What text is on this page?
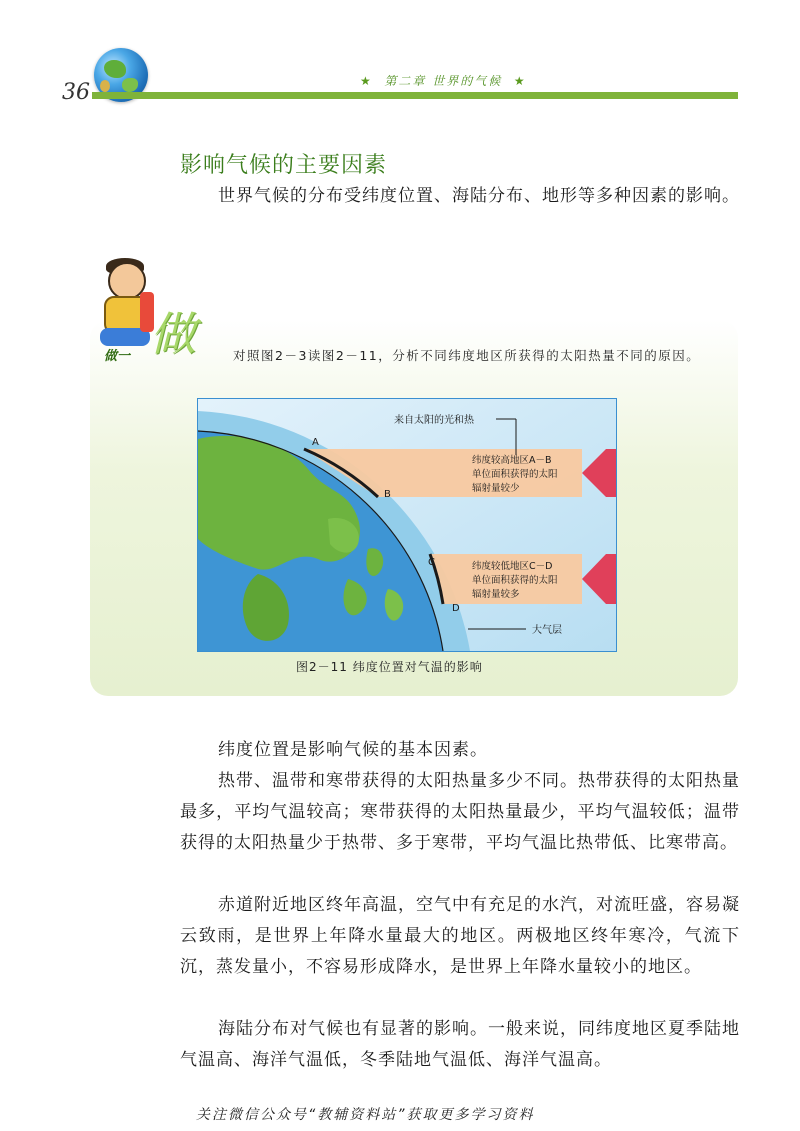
36	★ 第二章 世界的气候 ★
影响气候的主要因素
世界气候的分布受纬度位置、海陆分布、地形等多种因素的影响。
做
做一	对照图2－3读图2－11，分析不同纬度地区所获得的太阳热量不同的原因。
A
B
C
D
来自太阳的光和热
纬度较高地区A－B
单位面积获得的太阳
辐射量较少
纬度较低地区C－D
单位面积获得的太阳
辐射量较多
大气层
图2－11 纬度位置对气温的影响
纬度位置是影响气候的基本因素。
热带、温带和寒带获得的太阳热量多少不同。热带获得的太阳热量最多，平均气温较高；寒带获得的太阳热量最少，平均气温较低；温带获得的太阳热量少于热带、多于寒带，平均气温比热带低、比寒带高。
赤道附近地区终年高温，空气中有充足的水汽，对流旺盛，容易凝云致雨，是世界上年降水量最大的地区。两极地区终年寒冷，气流下沉，蒸发量小，不容易形成降水，是世界上年降水量较小的地区。
海陆分布对气候也有显著的影响。一般来说，同纬度地区夏季陆地气温高、海洋气温低，冬季陆地气温低、海洋气温高。
关注微信公众号“教辅资料站”获取更多学习资料
